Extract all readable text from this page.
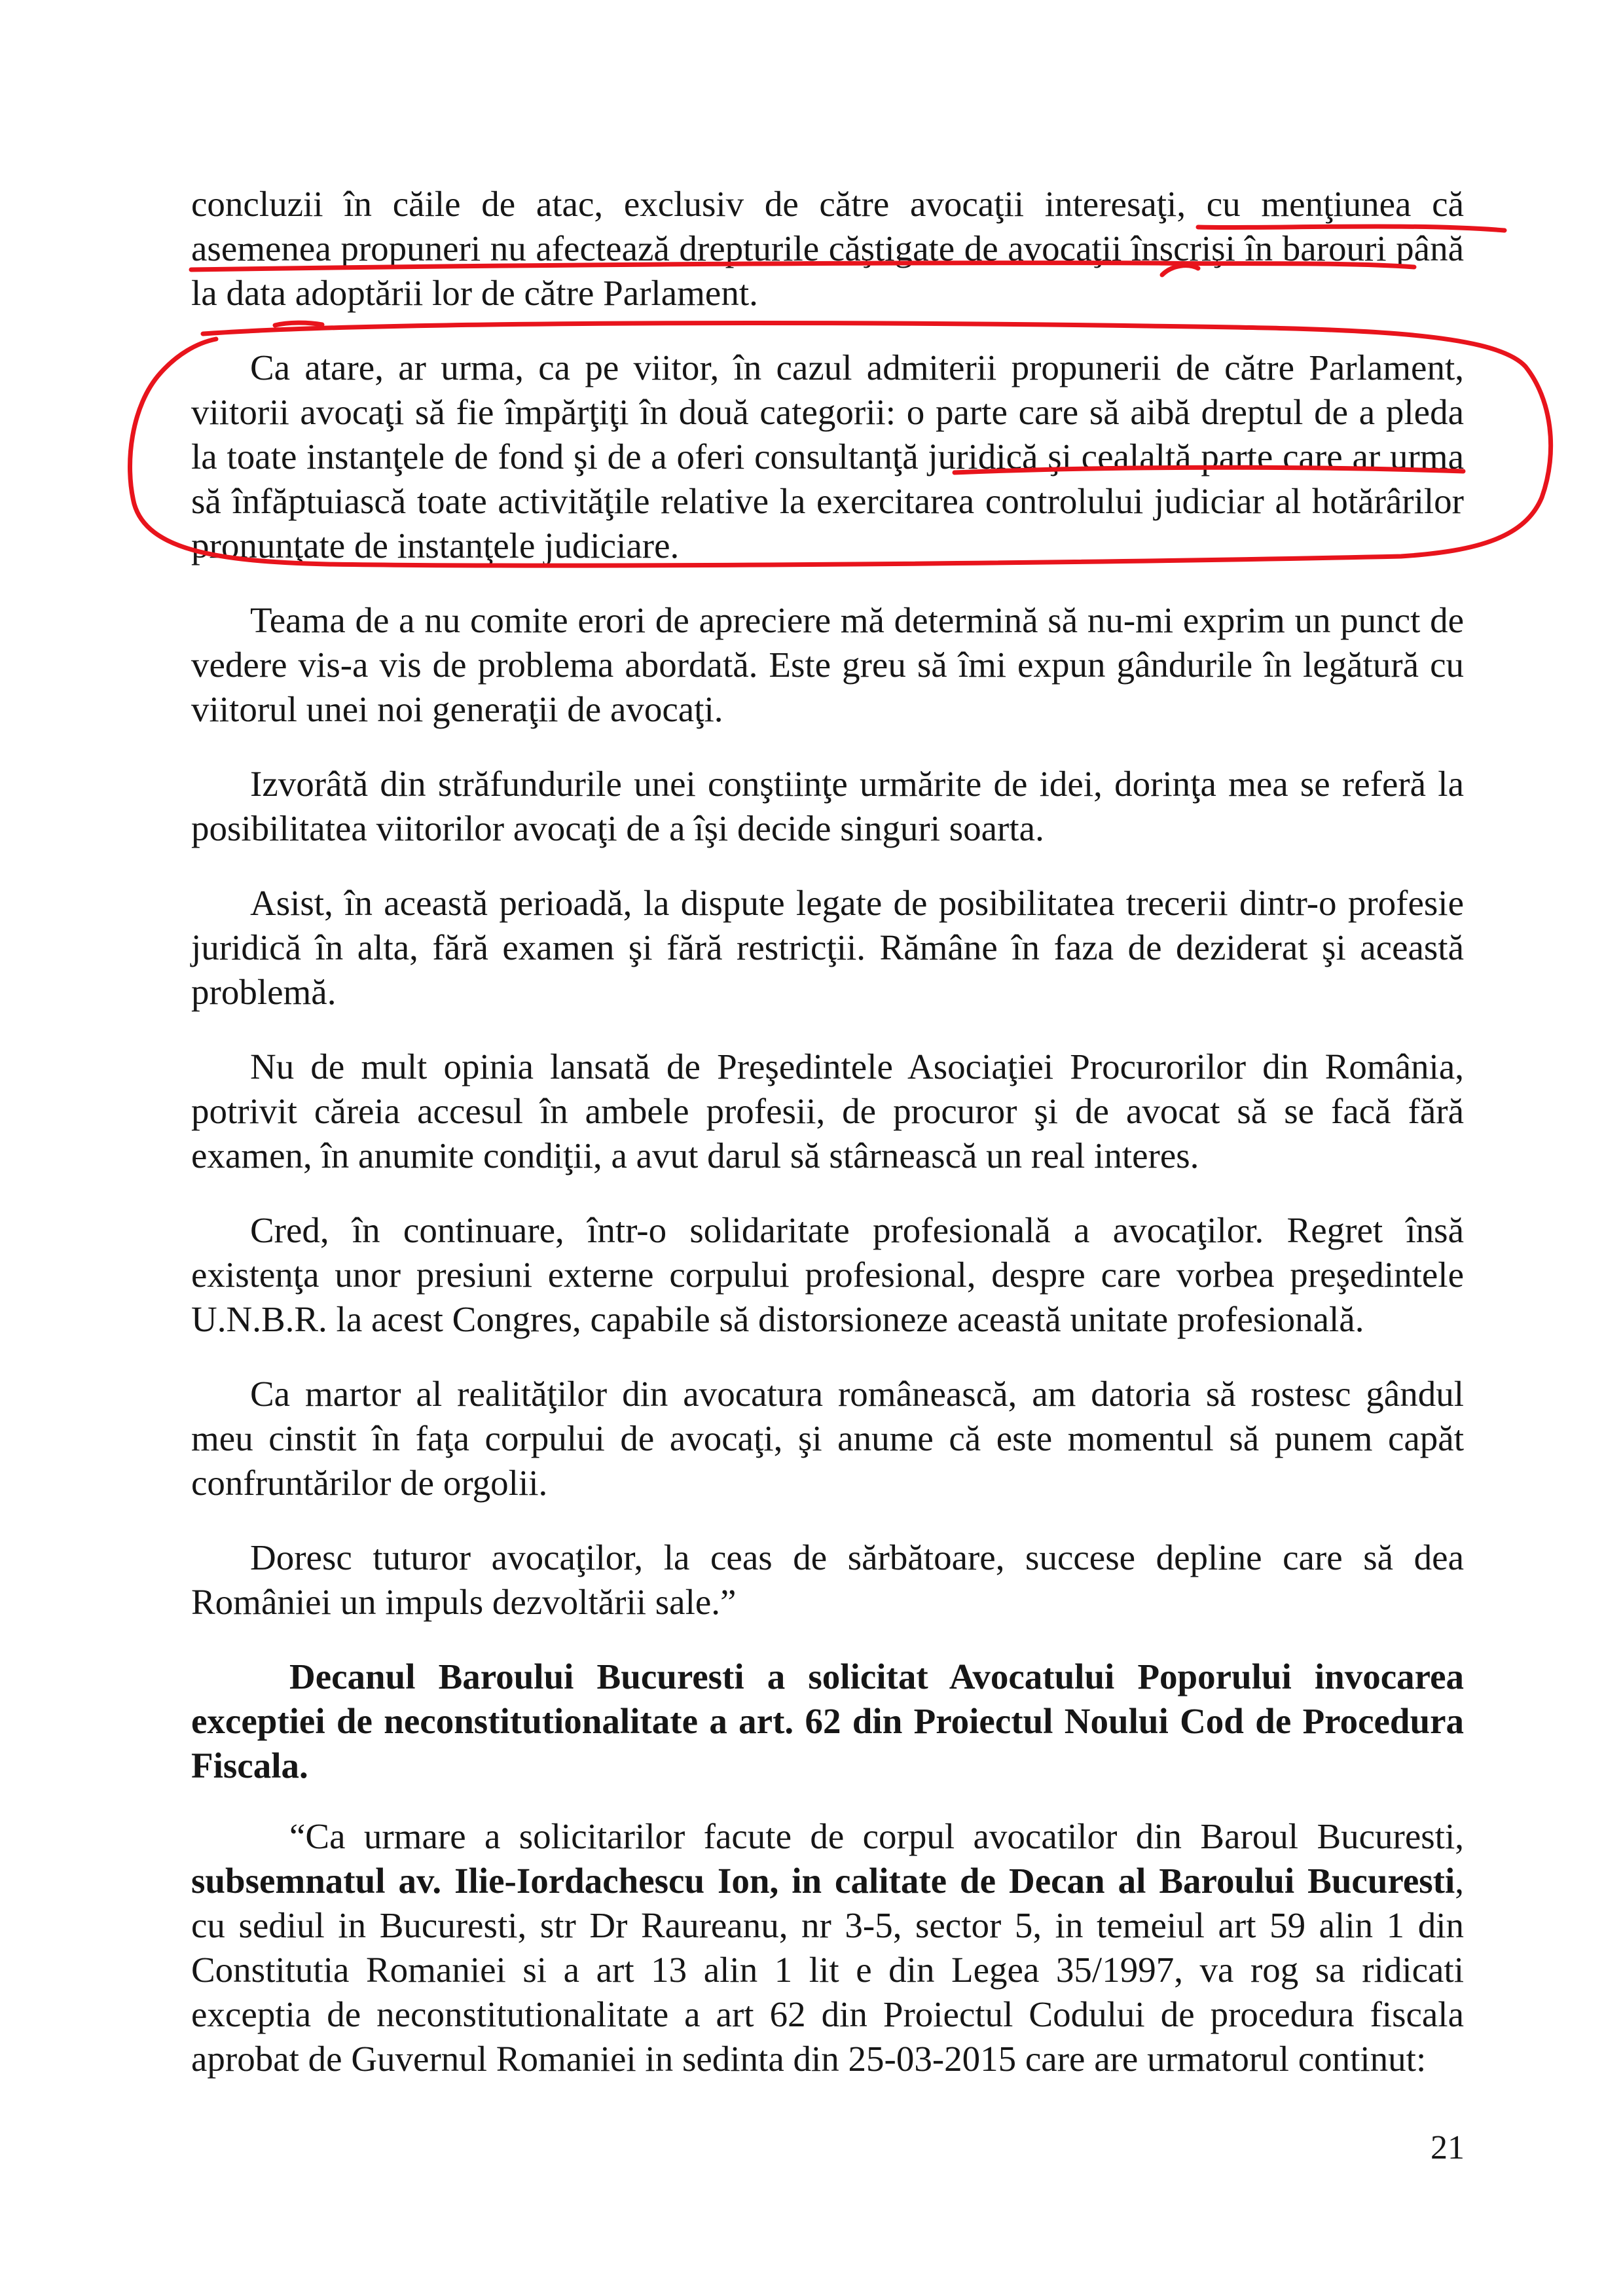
concluzii în căile de atac, exclusiv de către avocaţii interesaţi, cu menţiunea că asemenea propuneri nu afectează drepturile căştigate de avocaţii înscrişi în barouri până la data adoptării lor de către Parlament.

Ca atare, ar urma, ca pe viitor, în cazul admiterii propunerii de către Parlament, viitorii avocaţi să fie împărţiţi în două categorii: o parte care să aibă dreptul de a pleda la toate instanţele de fond şi de a oferi consultanţă juridică şi cealaltă parte care ar urma să înfăptuiască toate activităţile relative la exercitarea controlului judiciar al hotărârilor pronunţate de instanţele judiciare.

Teama de a nu comite erori de apreciere mă determină să nu-mi exprim un punct de vedere vis-a vis de problema abordată. Este greu să îmi expun gândurile în legătură cu viitorul unei noi generaţii de avocaţi.

Izvorâtă din străfundurile unei conştiinţe urmărite de idei, dorinţa mea se referă la posibilitatea viitorilor avocaţi de a îşi decide singuri soarta.

Asist, în această perioadă, la dispute legate de posibilitatea trecerii dintr-o profesie juridică în alta, fără examen şi fără restricţii. Rămâne în faza de deziderat şi această problemă.

Nu de mult opinia lansată de Preşedintele Asociaţiei Procurorilor din România, potrivit căreia accesul în ambele profesii, de procuror şi de avocat să se facă fără examen, în anumite condiţii, a avut darul să stârnească un real interes.

Cred, în continuare, într-o solidaritate profesională a avocaţilor. Regret însă existenţa unor presiuni externe corpului profesional, despre care vorbea preşedintele U.N.B.R. la acest Congres, capabile să distorsioneze această unitate profesională.

Ca martor al realităţilor din avocatura românească, am datoria să rostesc gândul meu cinstit în faţa corpului de avocaţi, şi anume că este momentul să punem capăt confruntărilor de orgolii.

Doresc tuturor avocaţilor, la ceas de sărbătoare, succese depline care să dea României un impuls dezvoltării sale.”

Decanul Baroului Bucuresti a solicitat Avocatului Poporului invocarea exceptiei de neconstitutionalitate a art. 62 din Proiectul Noului Cod de Procedura Fiscala.

“Ca urmare a solicitarilor facute de corpul avocatilor din Baroul Bucuresti, subsemnatul av. Ilie-Iordachescu Ion, in calitate de Decan al Baroului Bucuresti, cu sediul in Bucuresti, str Dr Raureanu, nr 3-5, sector 5, in temeiul art 59 alin 1 din Constitutia Romaniei si a art 13 alin 1 lit e din Legea 35/1997, va rog sa ridicati exceptia de neconstitutionalitate a art 62 din Proiectul Codului de procedura fiscala aprobat de Guvernul Romaniei in sedinta din 25-03-2015 care are urmatorul continut:

21
